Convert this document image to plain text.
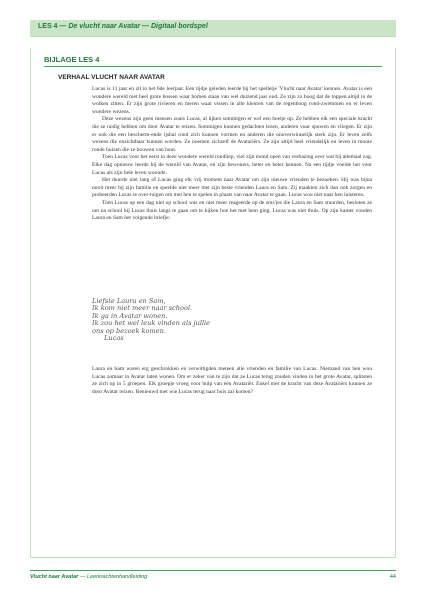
LES 4 — De vlucht naar Avatar — Digitaal bordspel
BIJLAGE LES 4
VERHAAL VLUCHT NAAR AVATAR

Lucas is 11 jaar en zit in het 6de leerjaar. Een tijdje geleden leerde hij het spelletje 'Vlucht naar Avatar' kennen. Avatar is een wondere wereld met heel grote bossen waar bomen staan van wel duizend jaar oud. Ze zijn zo hoog dat de toppen altijd in de wolken zitten. Er zijn grote rivieren en meren waar vissen in alle kleuren van de regenboog rond-zwemmen en er leven wondere wezens.

Deze wezens zijn geen mensen zoals Lucas, al lijken sommigen er wel een beetje op. Ze hebben elk een speciale kracht die ze nodig hebben om door Avatar te reizen. Sommigen kunnen gedachten lezen, anderen vuur spuwen en vliegen. Er zijn er ook die een bescherm-ende ijsbal rond zich kunnen vormen en anderen die onoverwinnelijk sterk zijn. Er leven zelfs wezens die onzichtbaar kunnen worden. Ze noemen zichzelf de Avatariërs. Ze zijn altijd heel vriendelijk en leven in mooie ronde huizen die ze bouwen van hout.

Toen Lucas voor het eerst in deze wondere wereld rondliep, viel zijn mond open van verbazing over wat hij allemaal zag. Elke dag opnieuw leerde hij de wereld van Avatar, en zijn bewoners, beter en beter kennen. Na een tijdje voelde het voor Lucas als zijn hele leven woonde.

Het duurde niet lang of Lucas ging elk vrij moment naar Avatar om zijn nieuwe vrienden te bezoeken. Hij was bijna nooit meer bij zijn familie en speelde niet meer met zijn beste vrienden Laura en Sam. Zij maakten zich dan ook zorgen en probeerden Lucas te over-tuigen om met hen te spelen in plaats van naar Avatar te gaan. Lucas wou niet naar hen luisteren.

Toen Lucas op een dag niet op school was en niet meer reageerde op de sms'jes die Laura en Sam stuurden, besloten ze om na school bij Lucas thuis langs te gaan om te kijken hoe het met hem ging. Lucas was niet thuis. Op zijn kamer vonden Laura en Sam het volgende briefje:

Liefste Laura en Sam,
Ik kom niet meer naar school.
Ik ga in Avatar wonen.
Ik zou het wel leuk vinden als jullie
ons op bezoek komen.
Lucas
Laura en Sam waren erg geschrokken en verwittigden meteen alle vrienden en familie van Lucas. Niemand van hen wou Lucas zomaar in Avatar laten wonen. Om er zeker van te zijn dat ze Lucas terug zouden vinden in het grote Avatar, splitsten ze zich op in 5 groepen. Elk groepje vroeg voor hulp van één Avatariër. Enkel met de kracht van deze Avatariërs kunnen ze door Avatar reizen. Benieuwd met wie Lucas terug naar huis zal komen?
Vlucht naar Avatar — Leerkrachtenhandleiding	44
